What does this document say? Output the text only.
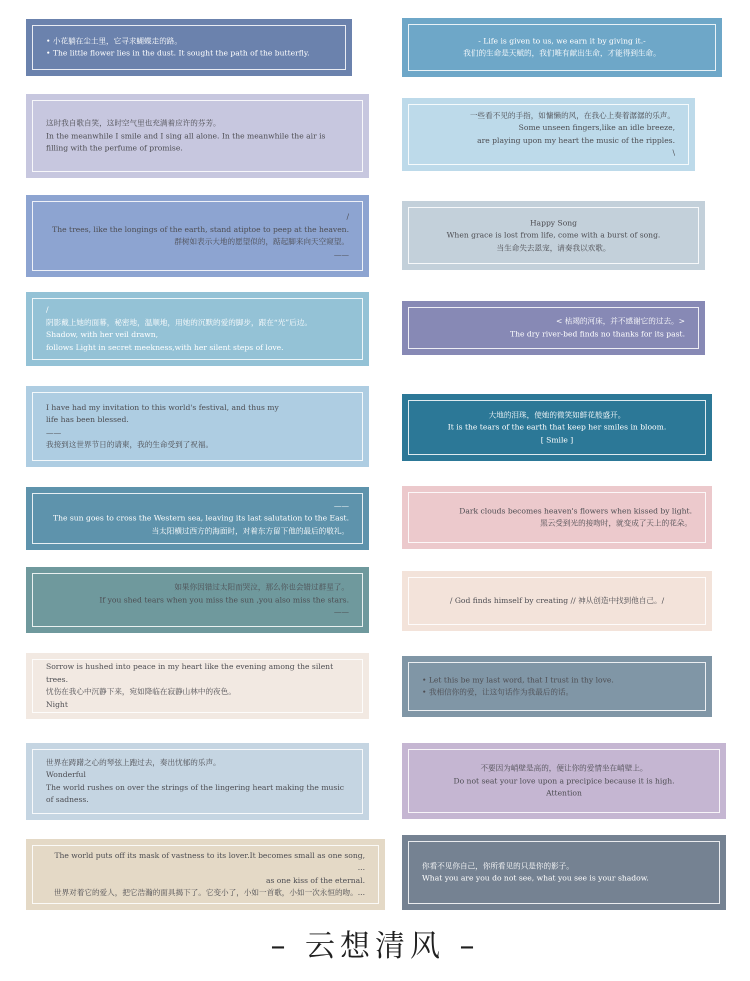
• 小花躺在尘土里，它寻求蝴蝶走的路。
• The little flower lies in the dust. It sought the path of the butterfly.
这时我自歌自笑，这时空气里也充满着应许的芬芳。
In the meanwhile I smile and I sing all alone. In the meanwhile the air is
filling with the perfume of promise.
/
The trees, like the longings of the earth, stand atiptoe to peep at the heaven.
群树如表示大地的愿望似的，踮起脚来向天空窥望。
——
/
阴影戴上她的面幕，秘密地，温顺地，用她的沉默的爱的脚步，跟在“光”后边。
Shadow, with her veil drawn,
follows Light in secret meekness,with her silent steps of love.
I have had my invitation to this world's festival, and thus my
life has been blessed.
——
我接到这世界节日的请柬，我的生命受到了祝福。
——
The sun goes to cross the Western sea, leaving its last salutation to the East.
当太阳横过西方的海面时，对着东方留下他的最后的敬礼。
如果你因错过太阳而哭泣，那么你也会错过群星了。
If you shed tears when you miss the sun ,you also miss the stars.
——
Sorrow is hushed into peace in my heart like the evening among the silent trees.
忧伤在我心中沉静下来，宛如降临在寂静山林中的夜色。
Night
世界在踌躇之心的琴弦上跑过去，奏出忧郁的乐声。
Wonderful
The world rushes on over the strings of the lingering heart making the music of sadness.
The world puts off its mask of vastness to its lover.It becomes small as one song, ...
as one kiss of the eternal.
世界对着它的爱人，把它浩瀚的面具揭下了。它变小了，小如一首歌，小如一次永恒的吻。...
- Life is given to us, we earn it by giving it.-
我们的生命是天赋的，我们唯有献出生命，才能得到生命。
一些看不见的手指，如慵懒的风，在我心上奏着潺潺的乐声。
Some unseen fingers,like an idle breeze,
are playing upon my heart the music of the ripples.
\
Happy Song
When grace is lost from life, come with a burst of song.
当生命失去恩宠，请奏我以欢歌。
< 枯竭的河床，并不感谢它的过去。>
The dry river-bed finds no thanks for its past.
大地的泪珠，使她的微笑如鲜花般盛开。
It is the tears of the earth that keep her smiles in bloom.
[ Smile ]
Dark clouds becomes heaven's flowers when kissed by light.
黑云受到光的接吻时，就变成了天上的花朵。
/ God finds himself by creating // 神从创造中找到他自己。/
• Let this be my last word, that I trust in thy love.
• 我相信你的爱，让这句话作为我最后的话。
不要因为峭壁是高的，便让你的爱情坐在峭壁上。
Do not seat your love upon a precipice because it is high.
Attention
你看不见你自己，你所看见的只是你的影子。
What you are you do not see, what you see is your shadow.
– 云想清风 –
